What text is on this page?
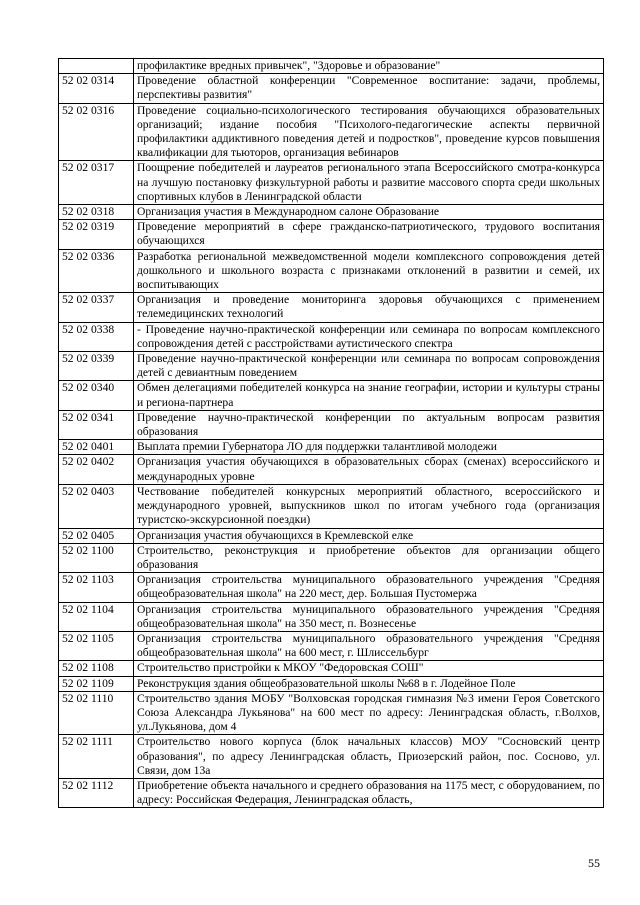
	профилактике вредных привычек", "Здоровье и образование"
52 02 0314	Проведение областной конференции "Современное воспитание: задачи, проблемы, перспективы развития"
52 02 0316	Проведение социально-психологического тестирования обучающихся образовательных организаций; издание пособия "Психолого-педагогические аспекты первичной профилактики аддиктивного поведения детей и подростков", проведение курсов повышения квалификации для тьюторов, организация вебинаров
52 02 0317	Поощрение победителей и лауреатов регионального этапа Всероссийского смотра-конкурса на лучшую постановку физкультурной работы и развитие массового спорта среди школьных спортивных клубов в Ленинградской области
52 02 0318	Организация участия в Международном салоне Образование
52 02 0319	Проведение мероприятий в сфере гражданско-патриотического, трудового воспитания обучающихся
52 02 0336	Разработка региональной межведомственной модели комплексного сопровождения детей дошкольного и школьного возраста с признаками отклонений в развитии и семей, их воспитывающих
52 02 0337	Организация и проведение мониторинга здоровья обучающихся с применением телемедицинских технологий
52 02 0338	- Проведение научно-практической конференции или семинара по вопросам комплексного сопровождения детей с расстройствами аутистического спектра
52 02 0339	Проведение научно-практической конференции или семинара по вопросам сопровождения детей с девиантным поведением
52 02 0340	Обмен делегациями победителей конкурса на знание географии, истории и культуры страны и региона-партнера
52 02 0341	Проведение научно-практической конференции по актуальным вопросам развития образования
52 02 0401	Выплата премии Губернатора ЛО для поддержки талантливой молодежи
52 02 0402	Организация участия обучающихся в образовательных сборах (сменах) всероссийского и международных уровне
52 02 0403	Чествование победителей конкурсных мероприятий областного, всероссийского и международного уровней, выпускников школ по итогам учебного года (организация туристско-экскурсионной поездки)
52 02 0405	Организация участия обучающихся в Кремлевской елке
52 02 1100	Строительство, реконструкция и приобретение объектов для организации общего образования
52 02 1103	Организация строительства муниципального образовательного учреждения "Средняя общеобразовательная школа" на 220 мест, дер. Большая Пустомержа
52 02 1104	Организация строительства муниципального образовательного учреждения "Средняя общеобразовательная школа" на 350 мест, п. Вознесенье
52 02 1105	Организация строительства муниципального образовательного учреждения "Средняя общеобразовательная школа" на 600 мест, г. Шлиссельбург
52 02 1108	Строительство пристройки к МКОУ "Федоровская СОШ"
52 02 1109	Реконструкция здания общеобразовательной школы №68 в г. Лодейное Поле
52 02 1110	Строительство здания МОБУ "Волховская городская гимназия №3 имени Героя Советского Союза Александра Лукьянова" на 600 мест по адресу: Ленинградская область, г.Волхов, ул.Лукьянова, дом 4
52 02 1111	Строительство нового корпуса (блок начальных классов) МОУ "Сосновский центр образования", по адресу Ленинградская область, Приозерский район, пос. Сосново, ул. Связи, дом 13а
52 02 1112	Приобретение объекта начального и среднего образования на 1175 мест, с оборудованием, по адресу: Российская Федерация, Ленинградская область,
55
